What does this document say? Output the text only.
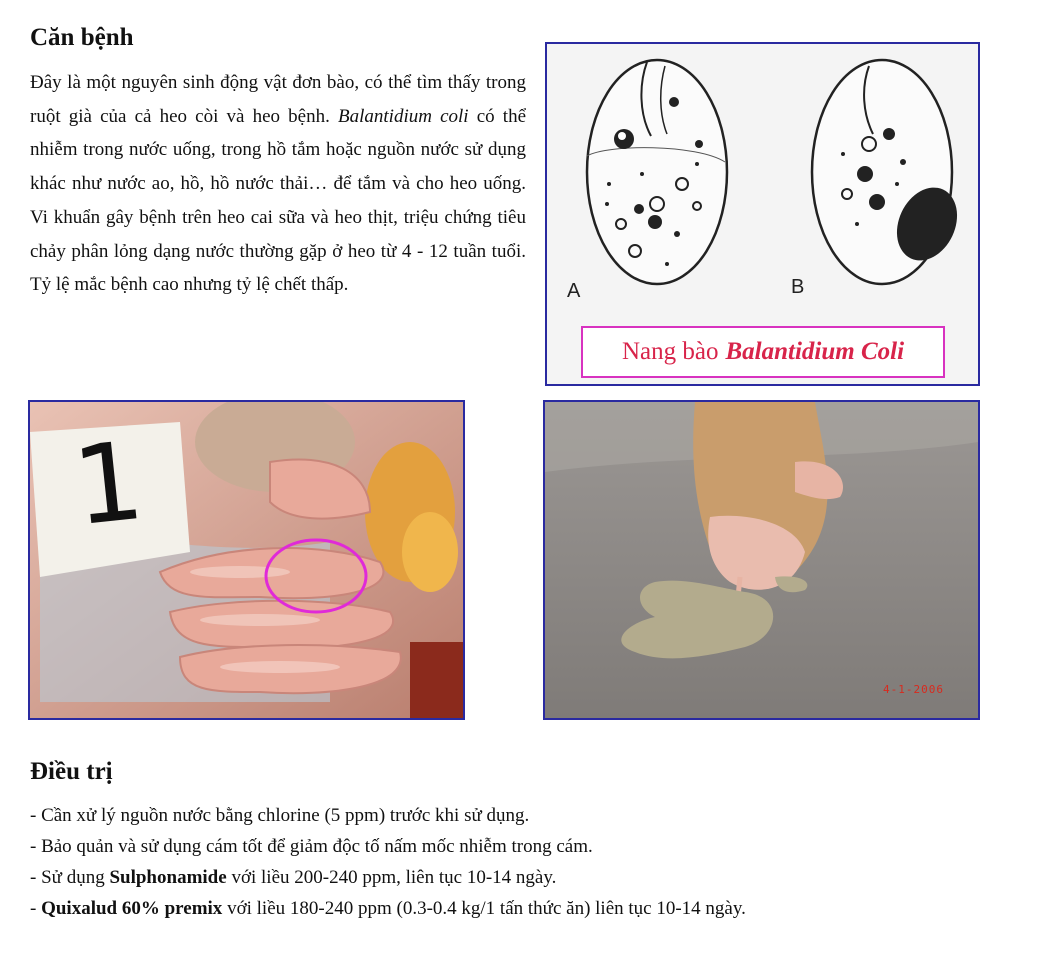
Căn bệnh

Đây là một nguyên sinh động vật đơn bào, có thể tìm thấy trong ruột già của cả heo còi và heo bệnh. Balantidium coli có thể nhiễm trong nước uống, trong hồ tắm hoặc nguồn nước sử dụng khác như nước ao, hồ, hồ nước thải… để tắm và cho heo uống. Vi khuẩn gây bệnh trên heo cai sữa và heo thịt, triệu chứng tiêu chảy phân lỏng dạng nước thường gặp ở heo từ 4 - 12 tuần tuổi. Tỷ lệ mắc bệnh cao nhưng tỷ lệ chết thấp.	A	B
Nang bào Balantidium Coli
1
4-1-2006
Điều trị
- Cần xử lý nguồn nước bằng chlorine (5 ppm) trước khi sử dụng.
- Bảo quản và sử dụng cám tốt để giảm độc tố nấm mốc nhiễm trong cám.
- Sử dụng Sulphonamide với liều 200-240 ppm, liên tục 10-14 ngày.
- Quixalud 60% premix với liều 180-240 ppm (0.3-0.4 kg/1 tấn thức ăn) liên tục 10-14 ngày.
